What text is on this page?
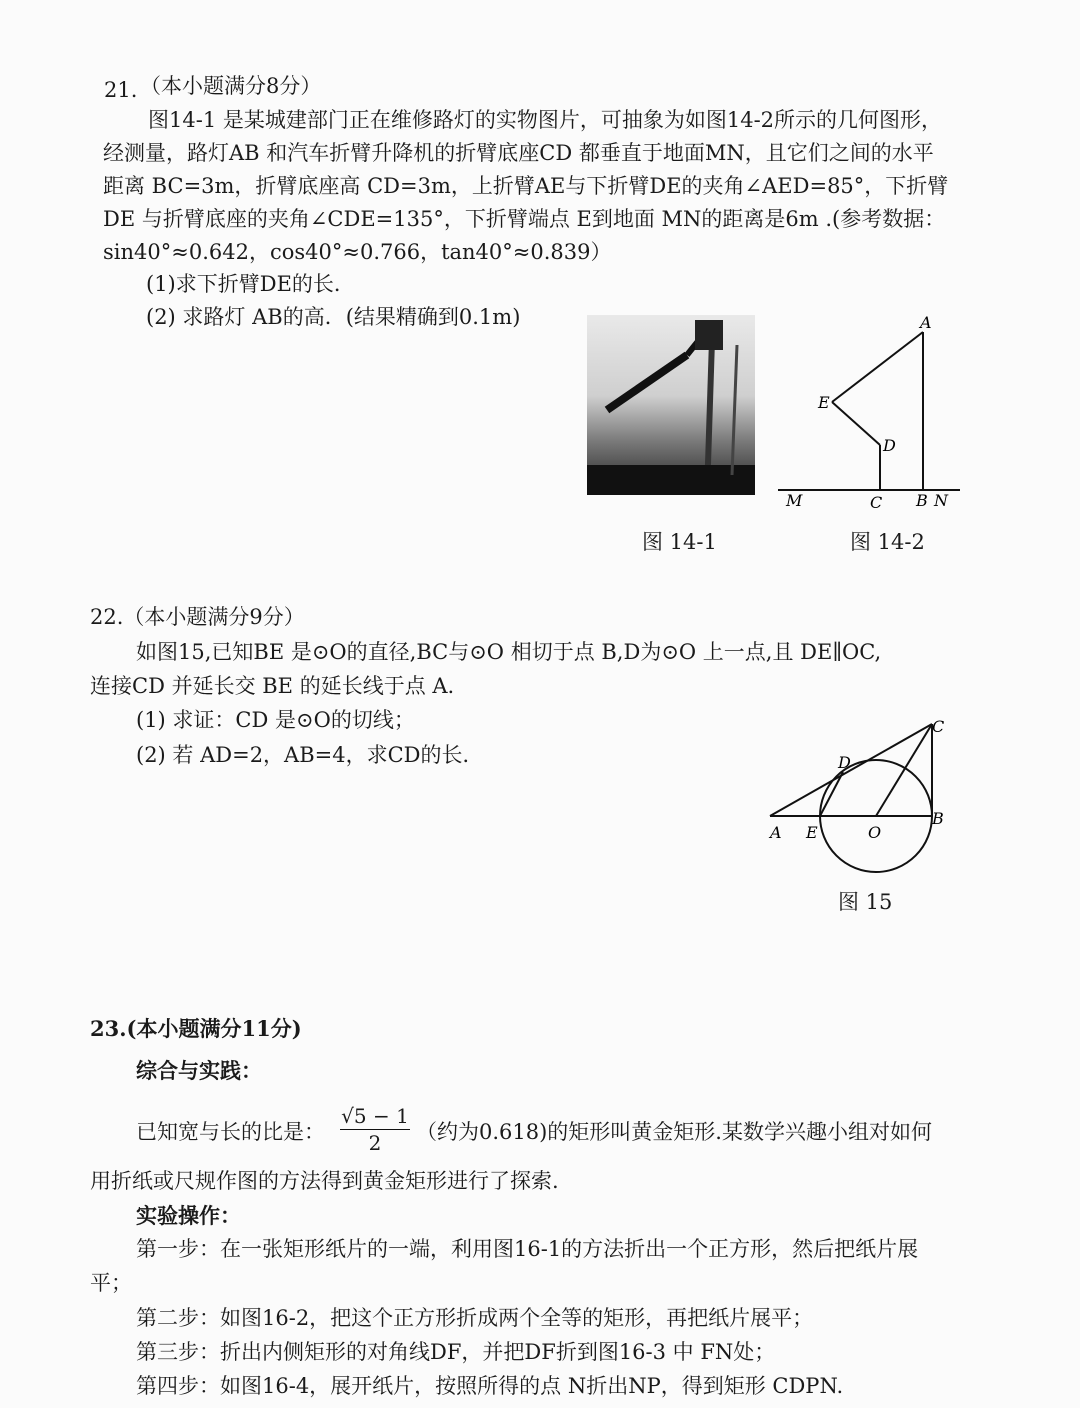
21. （本小题满分8分）
图14-1 是某城建部门正在维修路灯的实物图片，可抽象为如图14-2所示的几何图形，
经测量，路灯AB 和汽车折臂升降机的折臂底座CD 都垂直于地面MN，且它们之间的水平
距离 BC=3m，折臂底座高 CD=3m，上折臂AE与下折臂DE的夹角∠AED=85°，下折臂
DE 与折臂底座的夹角∠CDE=135°，下折臂端点 E到地面 MN的距离是6m .(参考数据：
sin40°≈0.642，cos40°≈0.766，tan40°≈0.839）
(1)求下折臂DE的长．
(2) 求路灯 AB的高．(结果精确到0.1m)
图 14-1
A
E
D
M	C B N
图 14-2
22.（本小题满分9分）
如图15,已知BE 是⊙O的直径,BC与⊙O 相切于点 B,D为⊙O 上一点,且 DE∥OC,
连接CD 并延长交 BE 的延长线于点 A.
(1) 求证：CD 是⊙O的切线；
(2) 若 AD=2，AB=4，求CD的长．
C
D
A E	O
B
图 15
23.(本小题满分11分)
综合与实践：
已知宽与长的比是： $\frac{√5 - 1}{2}$ （约为0.618)的矩形叫黄金矩形.某数学兴趣小组对如何
用折纸或尺规作图的方法得到黄金矩形进行了探索.
实验操作：
第一步：在一张矩形纸片的一端，利用图16-1的方法折出一个正方形，然后把纸片展
平；
第二步：如图16-2，把这个正方形折成两个全等的矩形，再把纸片展平；
第三步：折出内侧矩形的对角线DF，并把DF折到图16-3 中 FN处；
第四步：如图16-4，展开纸片，按照所得的点 N折出NP，得到矩形 CDPN.
